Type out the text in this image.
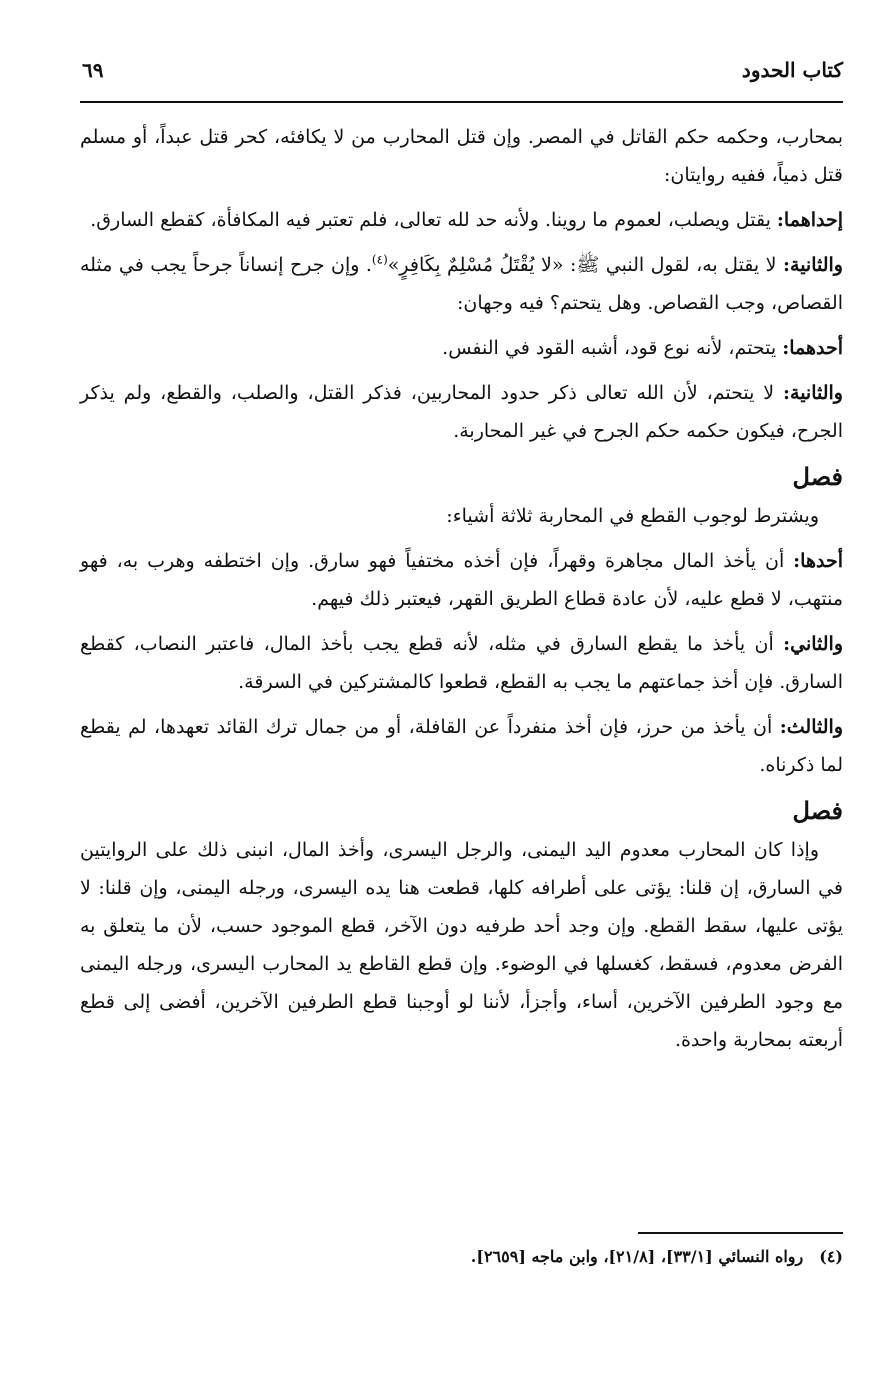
كتاب الحدود
٦٩

بمحارب، وحكمه حكم القاتل في المصر. وإن قتل المحارب من لا يكافئه، كحر قتل عبداً، أو مسلم قتل ذمياً، ففيه روايتان:

إحداهما: يقتل ويصلب، لعموم ما روينا. ولأنه حد لله تعالى، فلم تعتبر فيه المكافأة، كقطع السارق.

والثانية: لا يقتل به، لقول النبي ﷺ: «لا يُقْتَلُ مُسْلِمٌ بِكَافِرٍ»$^{(٤)}$. وإن جرح إنساناً جرحاً يجب في مثله القصاص، وجب القصاص. وهل يتحتم؟ فيه وجهان:

أحدهما: يتحتم، لأنه نوع قود، أشبه القود في النفس.

والثانية: لا يتحتم، لأن الله تعالى ذكر حدود المحاربين، فذكر القتل، والصلب، والقطع، ولم يذكر الجرح، فيكون حكمه حكم الجرح في غير المحاربة.

فصل

ويشترط لوجوب القطع في المحاربة ثلاثة أشياء:

أحدها: أن يأخذ المال مجاهرة وقهراً، فإن أخذه مختفياً فهو سارق. وإن اختطفه وهرب به، فهو منتهب، لا قطع عليه، لأن عادة قطاع الطريق القهر، فيعتبر ذلك فيهم.

والثاني: أن يأخذ ما يقطع السارق في مثله، لأنه قطع يجب بأخذ المال، فاعتبر النصاب، كقطع السارق. فإن أخذ جماعتهم ما يجب به القطع، قطعوا كالمشتركين في السرقة.

والثالث: أن يأخذ من حرز، فإن أخذ منفرداً عن القافلة، أو من جمال ترك القائد تعهدها، لم يقطع لما ذكرناه.

فصل

وإذا كان المحارب معدوم اليد اليمنى، والرجل اليسرى، وأخذ المال، انبنى ذلك على الروايتين في السارق، إن قلنا: يؤتى على أطرافه كلها، قطعت هنا يده اليسرى، ورجله اليمنى، وإن قلنا: لا يؤتى عليها، سقط القطع. وإن وجد أحد طرفيه دون الآخر، قطع الموجود حسب، لأن ما يتعلق به الفرض معدوم، فسقط، كغسلها في الوضوء. وإن قطع القاطع يد المحارب اليسرى، ورجله اليمنى مع وجود الطرفين الآخرين، أساء، وأجزأ، لأننا لو أوجبنا قطع الطرفين الآخرين، أفضى إلى قطع أربعته بمحاربة واحدة.

(٤)رواه النسائي [٣٣/١]، [٢١/٨]، وابن ماجه [٢٦٥٩].
